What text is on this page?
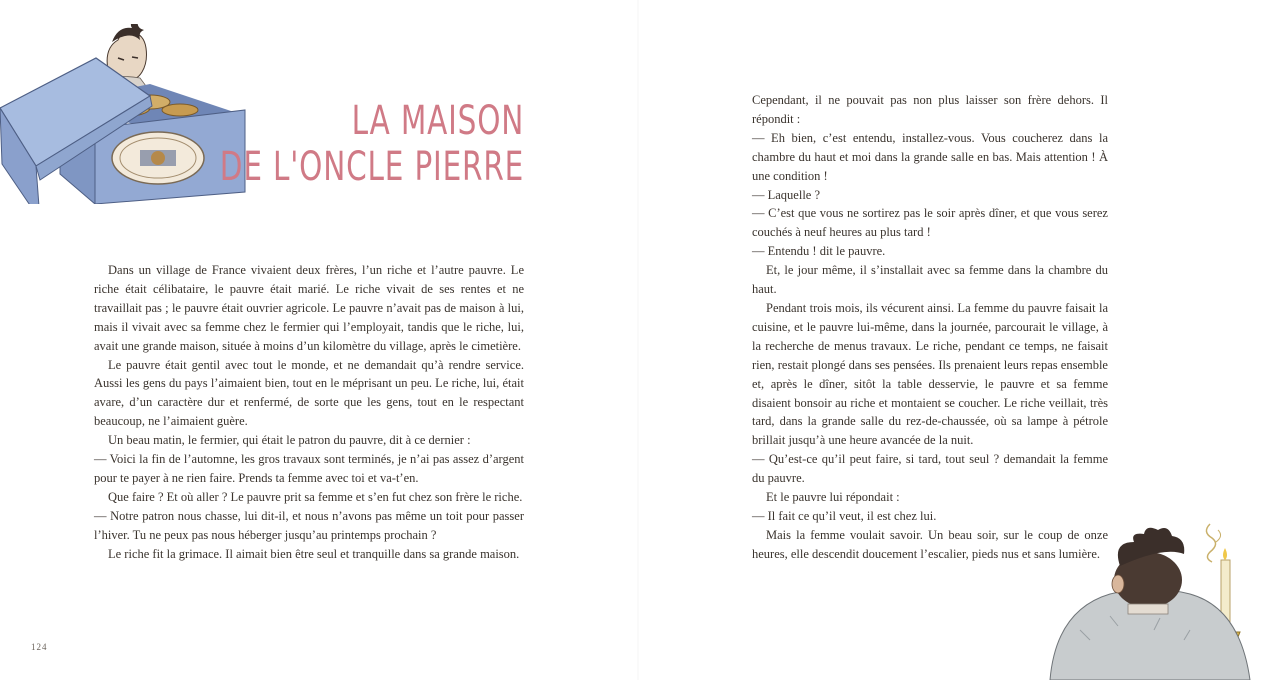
LA MAISON
DE L'ONCLE PIERRE

Dans un village de France vivaient deux frères, l’un riche et l’autre pauvre. Le riche était célibataire, le pauvre était marié. Le riche vivait de ses rentes et ne travaillait pas ; le pauvre était ouvrier agricole. Le pauvre n’avait pas de maison à lui, mais il vivait avec sa femme chez le fermier qui l’employait, tandis que le riche, lui, avait une grande maison, située à moins d’un kilomètre du village, après le cimetière.

Le pauvre était gentil avec tout le monde, et ne demandait qu’à rendre service. Aussi les gens du pays l’aimaient bien, tout en le méprisant un peu. Le riche, lui, était avare, d’un caractère dur et renfermé, de sorte que les gens, tout en le respectant beaucoup, ne l’aimaient guère.

Un beau matin, le fermier, qui était le patron du pauvre, dit à ce dernier :

— Voici la fin de l’automne, les gros travaux sont terminés, je n’ai pas assez d’argent pour te payer à ne rien faire. Prends ta femme avec toi et va-t’en.

Que faire ? Et où aller ? Le pauvre prit sa femme et s’en fut chez son frère le riche.

— Notre patron nous chasse, lui dit-il, et nous n’avons pas même un toit pour passer l’hiver. Tu ne peux pas nous héberger jusqu’au printemps prochain ?

Le riche fit la grimace. Il aimait bien être seul et tranquille dans sa grande maison.

124

Cependant, il ne pouvait pas non plus laisser son frère dehors. Il répondit :

— Eh bien, c’est entendu, installez-vous. Vous coucherez dans la chambre du haut et moi dans la grande salle en bas. Mais attention ! À une condition !

— Laquelle ?

— C’est que vous ne sortirez pas le soir après dîner, et que vous serez couchés à neuf heures au plus tard !

— Entendu ! dit le pauvre.

Et, le jour même, il s’installait avec sa femme dans la chambre du haut.

Pendant trois mois, ils vécurent ainsi. La femme du pauvre faisait la cuisine, et le pauvre lui-même, dans la journée, parcourait le village, à la recherche de menus travaux. Le riche, pendant ce temps, ne faisait rien, restait plongé dans ses pensées. Ils prenaient leurs repas ensemble et, après le dîner, sitôt la table desservie, le pauvre et sa femme disaient bonsoir au riche et montaient se coucher. Le riche veillait, très tard, dans la grande salle du rez-de-chaussée, où sa lampe à pétrole brillait jusqu’à une heure avancée de la nuit.

— Qu’est-ce qu’il peut faire, si tard, tout seul ? demandait la femme du pauvre.

Et le pauvre lui répondait :

— Il fait ce qu’il veut, il est chez lui.

Mais la femme voulait savoir. Un beau soir, sur le coup de onze heures, elle descendit doucement l’escalier, pieds nus et sans lumière.
